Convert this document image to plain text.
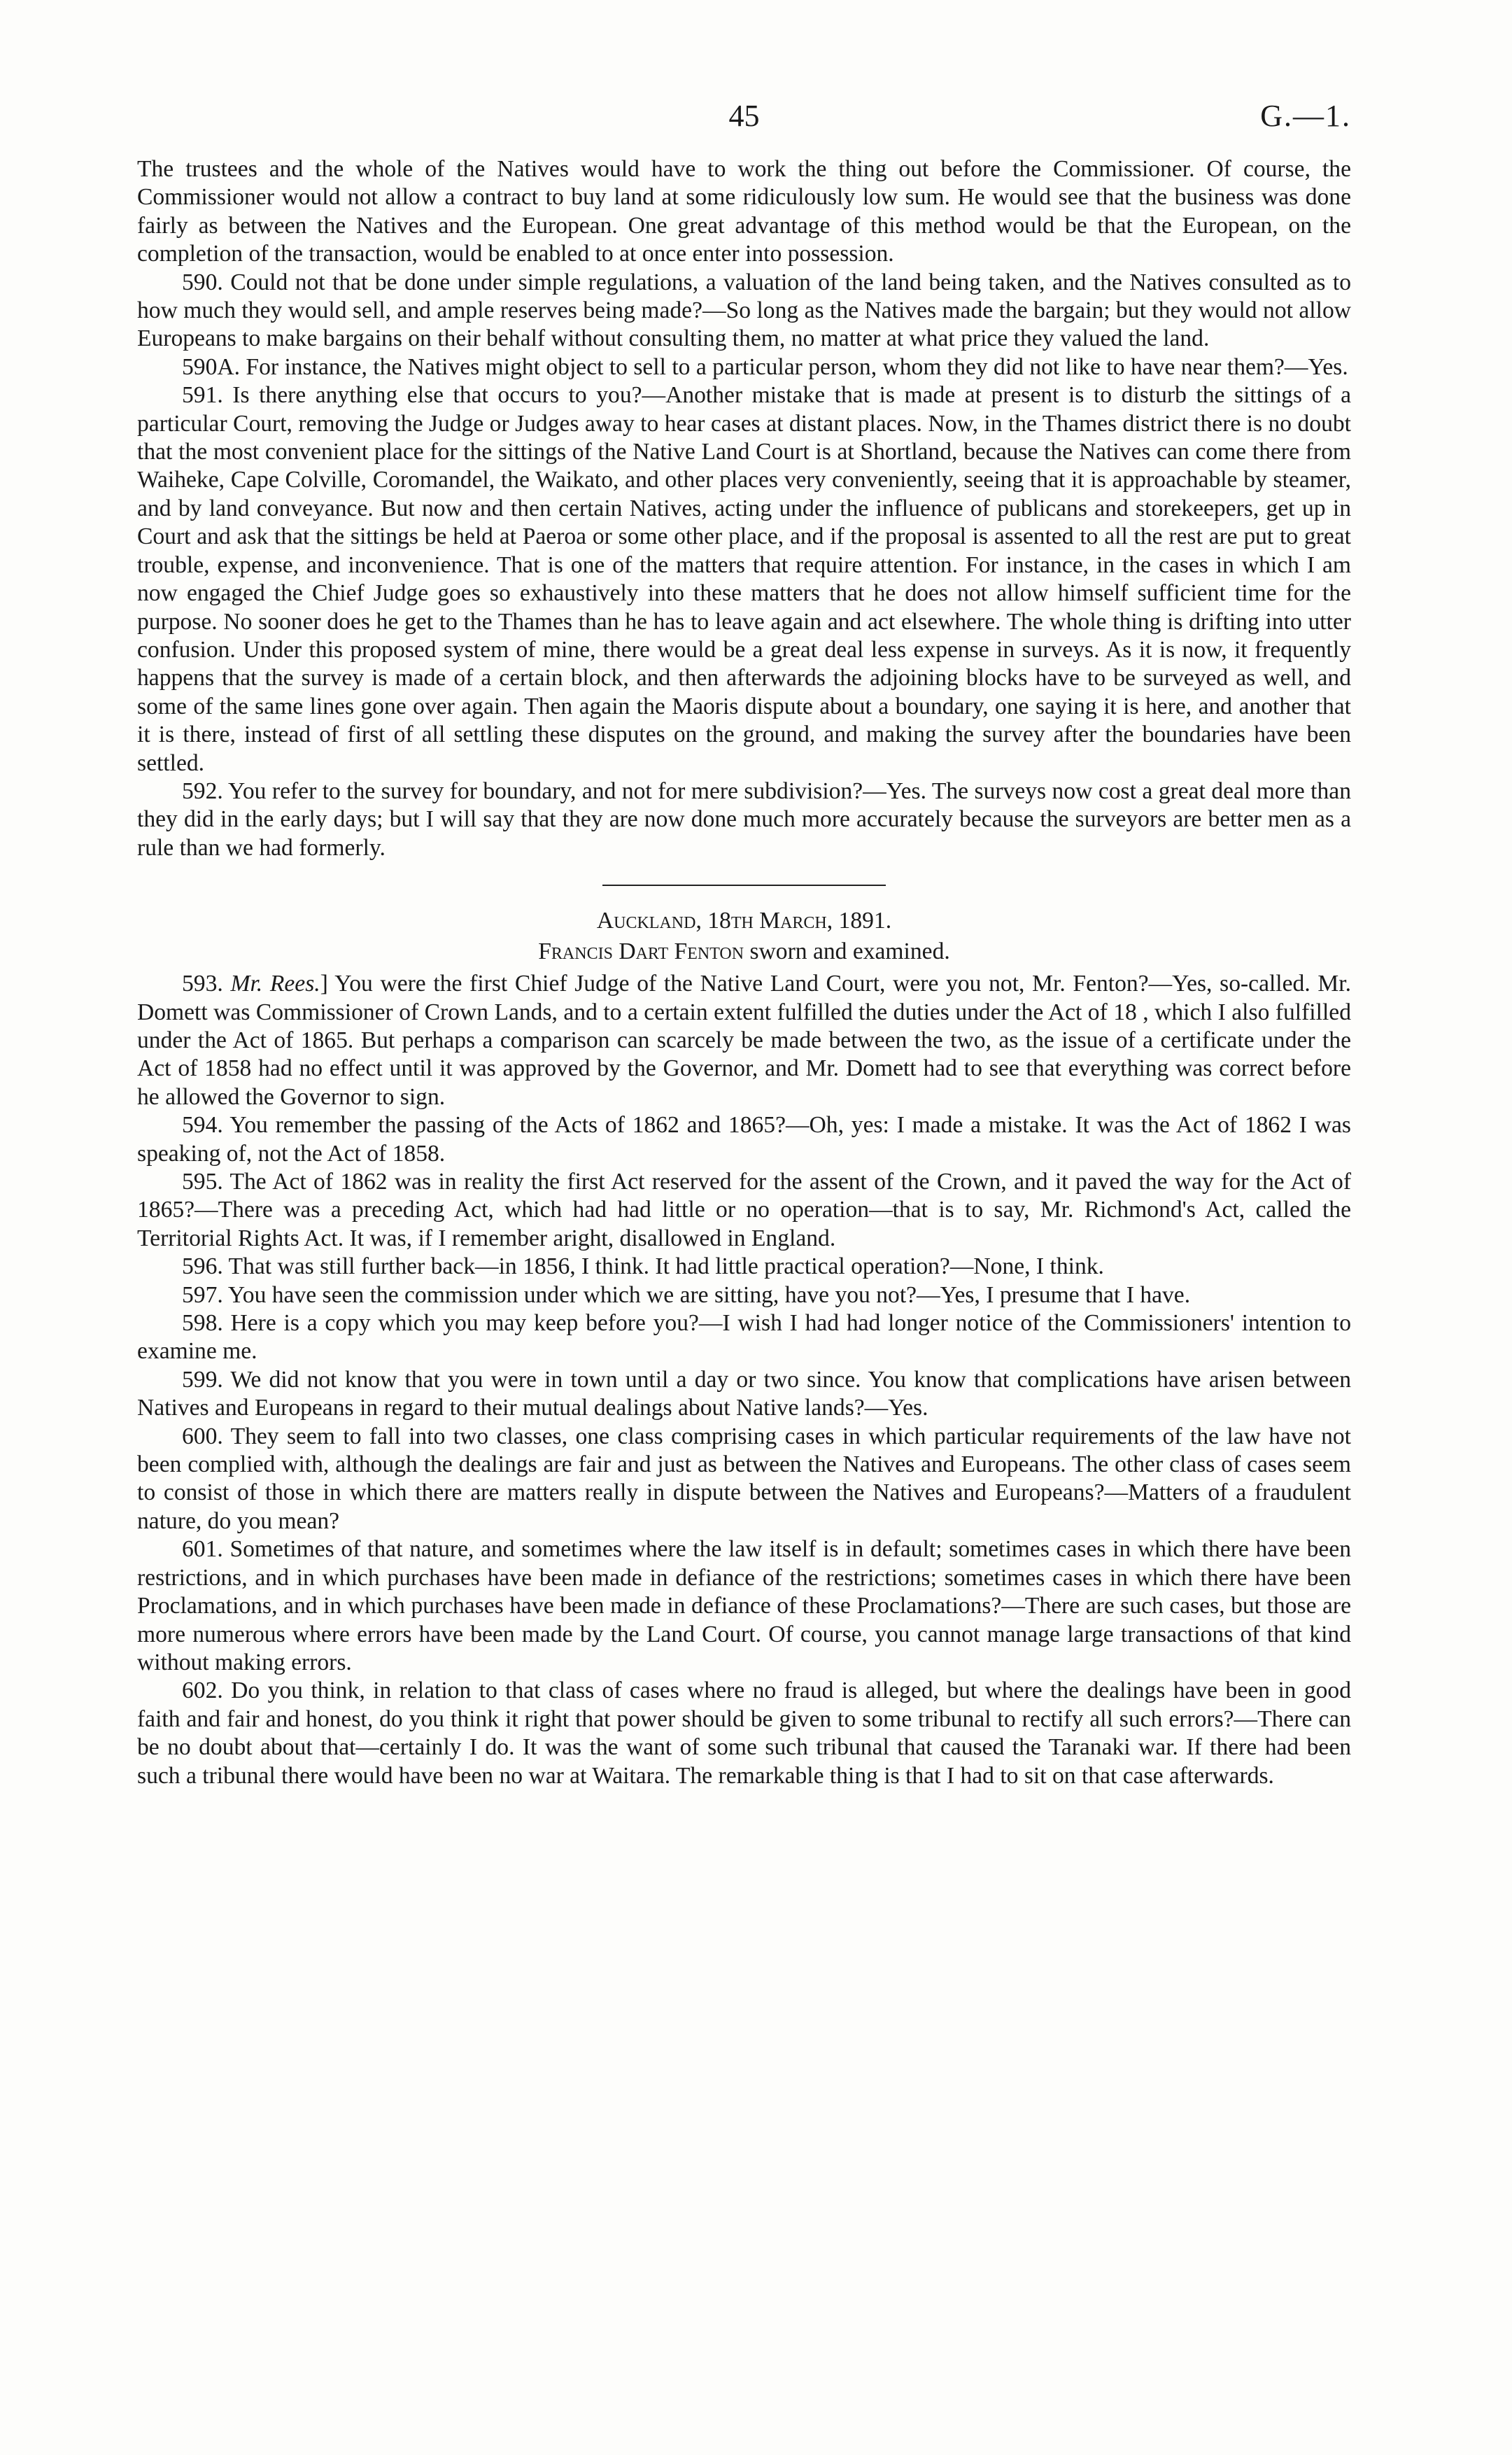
45	G.—1.

The trustees and the whole of the Natives would have to work the thing out before the Commissioner. Of course, the Commissioner would not allow a contract to buy land at some ridiculously low sum. He would see that the business was done fairly as between the Natives and the European. One great advantage of this method would be that the European, on the completion of the transaction, would be enabled to at once enter into possession.

590. Could not that be done under simple regulations, a valuation of the land being taken, and the Natives consulted as to how much they would sell, and ample reserves being made?—So long as the Natives made the bargain; but they would not allow Europeans to make bargains on their behalf without consulting them, no matter at what price they valued the land.

590A. For instance, the Natives might object to sell to a particular person, whom they did not like to have near them?—Yes.

591. Is there anything else that occurs to you?—Another mistake that is made at present is to disturb the sittings of a particular Court, removing the Judge or Judges away to hear cases at distant places. Now, in the Thames district there is no doubt that the most convenient place for the sittings of the Native Land Court is at Shortland, because the Natives can come there from Waiheke, Cape Colville, Coromandel, the Waikato, and other places very conveniently, seeing that it is approachable by steamer, and by land conveyance. But now and then certain Natives, acting under the influence of publicans and storekeepers, get up in Court and ask that the sittings be held at Paeroa or some other place, and if the proposal is assented to all the rest are put to great trouble, expense, and inconvenience. That is one of the matters that require attention. For instance, in the cases in which I am now engaged the Chief Judge goes so exhaustively into these matters that he does not allow himself sufficient time for the purpose. No sooner does he get to the Thames than he has to leave again and act elsewhere. The whole thing is drifting into utter confusion. Under this proposed system of mine, there would be a great deal less expense in surveys. As it is now, it frequently happens that the survey is made of a certain block, and then afterwards the adjoining blocks have to be surveyed as well, and some of the same lines gone over again. Then again the Maoris dispute about a boundary, one saying it is here, and another that it is there, instead of first of all settling these disputes on the ground, and making the survey after the boundaries have been settled.

592. You refer to the survey for boundary, and not for mere subdivision?—Yes. The surveys now cost a great deal more than they did in the early days; but I will say that they are now done much more accurately because the surveyors are better men as a rule than we had formerly.

Auckland, 18th March, 1891.

Francis Dart Fenton sworn and examined.

593. Mr. Rees.] You were the first Chief Judge of the Native Land Court, were you not, Mr. Fenton?—Yes, so-called. Mr. Domett was Commissioner of Crown Lands, and to a certain extent fulfilled the duties under the Act of 18 , which I also fulfilled under the Act of 1865. But perhaps a comparison can scarcely be made between the two, as the issue of a certificate under the Act of 1858 had no effect until it was approved by the Governor, and Mr. Domett had to see that everything was correct before he allowed the Governor to sign.

594. You remember the passing of the Acts of 1862 and 1865?—Oh, yes: I made a mistake. It was the Act of 1862 I was speaking of, not the Act of 1858.

595. The Act of 1862 was in reality the first Act reserved for the assent of the Crown, and it paved the way for the Act of 1865?—There was a preceding Act, which had had little or no operation—that is to say, Mr. Richmond's Act, called the Territorial Rights Act. It was, if I remember aright, disallowed in England.

596. That was still further back—in 1856, I think. It had little practical operation?—None, I think.

597. You have seen the commission under which we are sitting, have you not?—Yes, I presume that I have.

598. Here is a copy which you may keep before you?—I wish I had had longer notice of the Commissioners' intention to examine me.

599. We did not know that you were in town until a day or two since. You know that complications have arisen between Natives and Europeans in regard to their mutual dealings about Native lands?—Yes.

600. They seem to fall into two classes, one class comprising cases in which particular requirements of the law have not been complied with, although the dealings are fair and just as between the Natives and Europeans. The other class of cases seem to consist of those in which there are matters really in dispute between the Natives and Europeans?—Matters of a fraudulent nature, do you mean?

601. Sometimes of that nature, and sometimes where the law itself is in default; sometimes cases in which there have been restrictions, and in which purchases have been made in defiance of the restrictions; sometimes cases in which there have been Proclamations, and in which purchases have been made in defiance of these Proclamations?—There are such cases, but those are more numerous where errors have been made by the Land Court. Of course, you cannot manage large transactions of that kind without making errors.

602. Do you think, in relation to that class of cases where no fraud is alleged, but where the dealings have been in good faith and fair and honest, do you think it right that power should be given to some tribunal to rectify all such errors?—There can be no doubt about that—certainly I do. It was the want of some such tribunal that caused the Taranaki war. If there had been such a tribunal there would have been no war at Waitara. The remarkable thing is that I had to sit on that case afterwards.
